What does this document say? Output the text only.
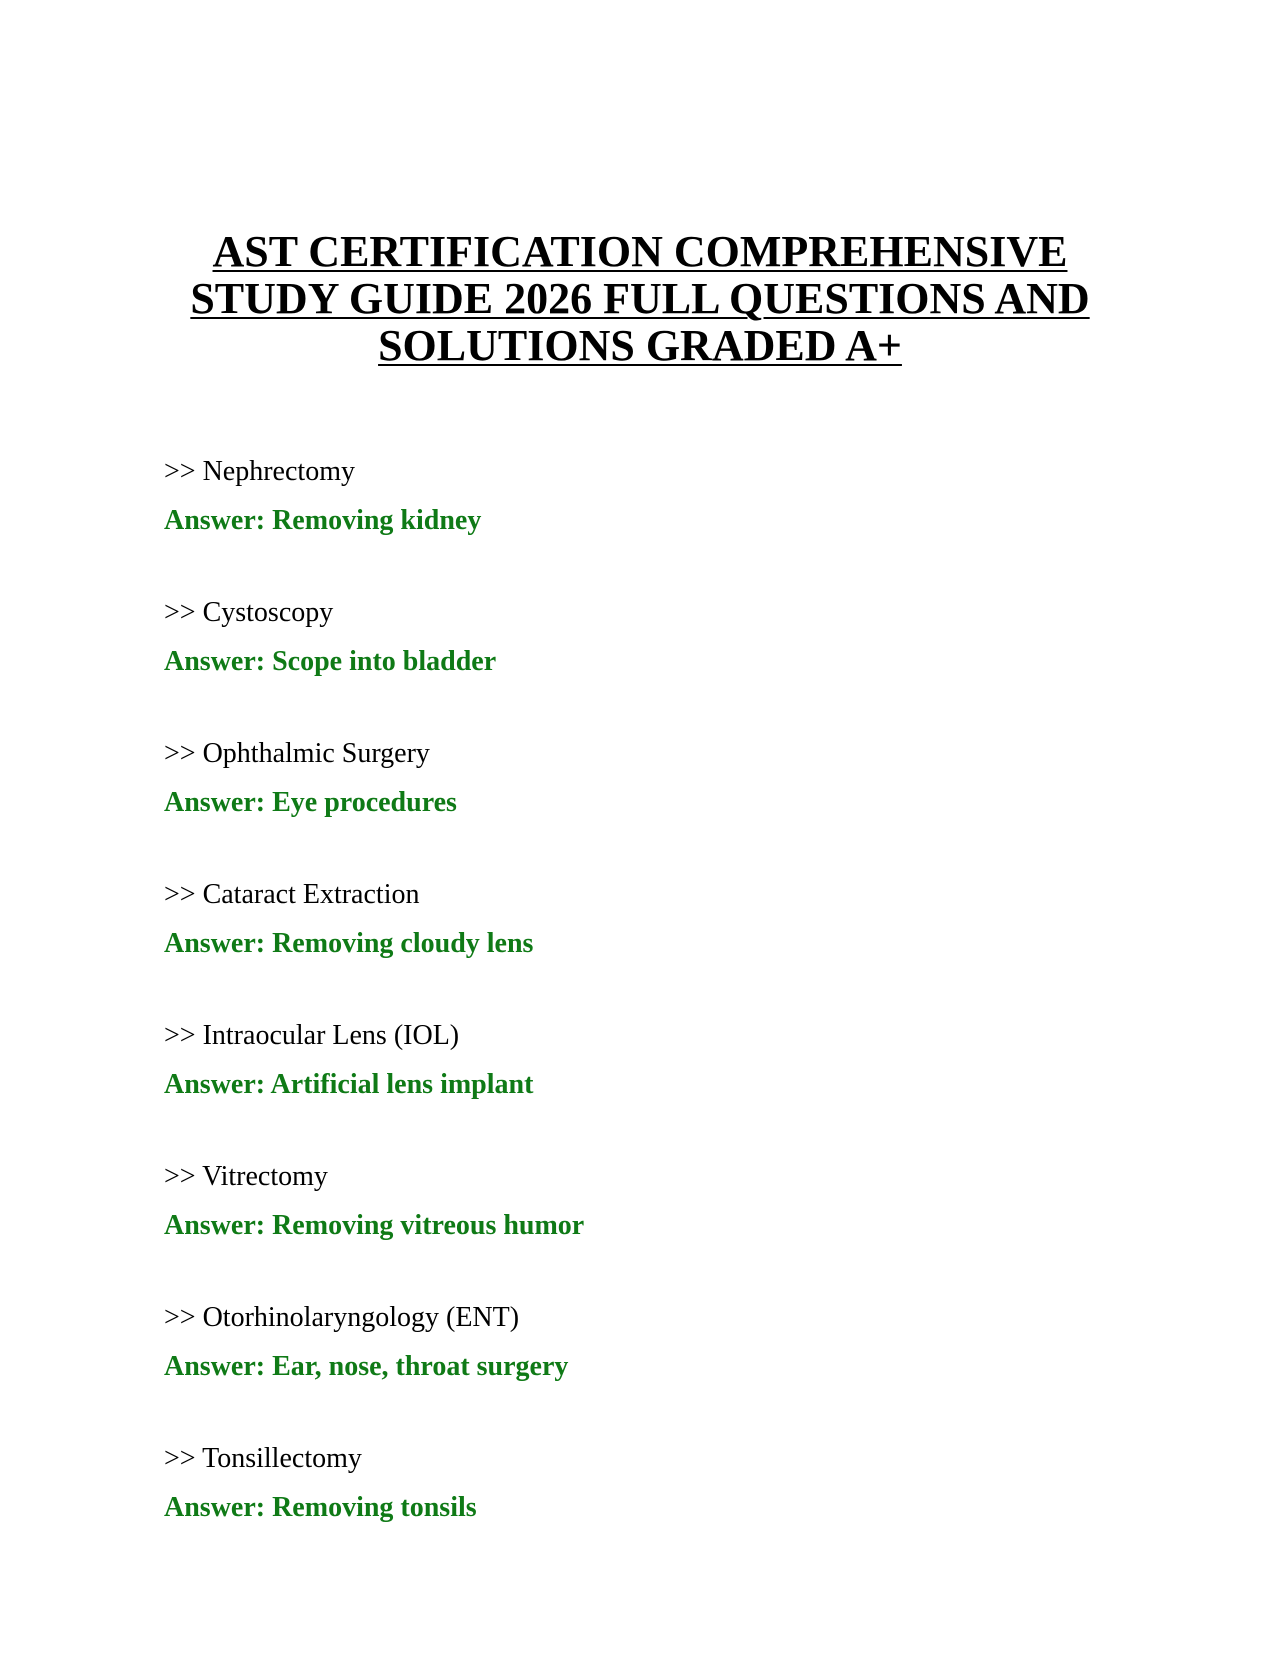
AST CERTIFICATION COMPREHENSIVE
STUDY GUIDE 2026 FULL QUESTIONS AND
SOLUTIONS GRADED A+
>> Nephrectomy
Answer: Removing kidney
>> Cystoscopy
Answer: Scope into bladder
>> Ophthalmic Surgery
Answer: Eye procedures
>> Cataract Extraction
Answer: Removing cloudy lens
>> Intraocular Lens (IOL)
Answer: Artificial lens implant
>> Vitrectomy
Answer: Removing vitreous humor
>> Otorhinolaryngology (ENT)
Answer: Ear, nose, throat surgery
>> Tonsillectomy
Answer: Removing tonsils
